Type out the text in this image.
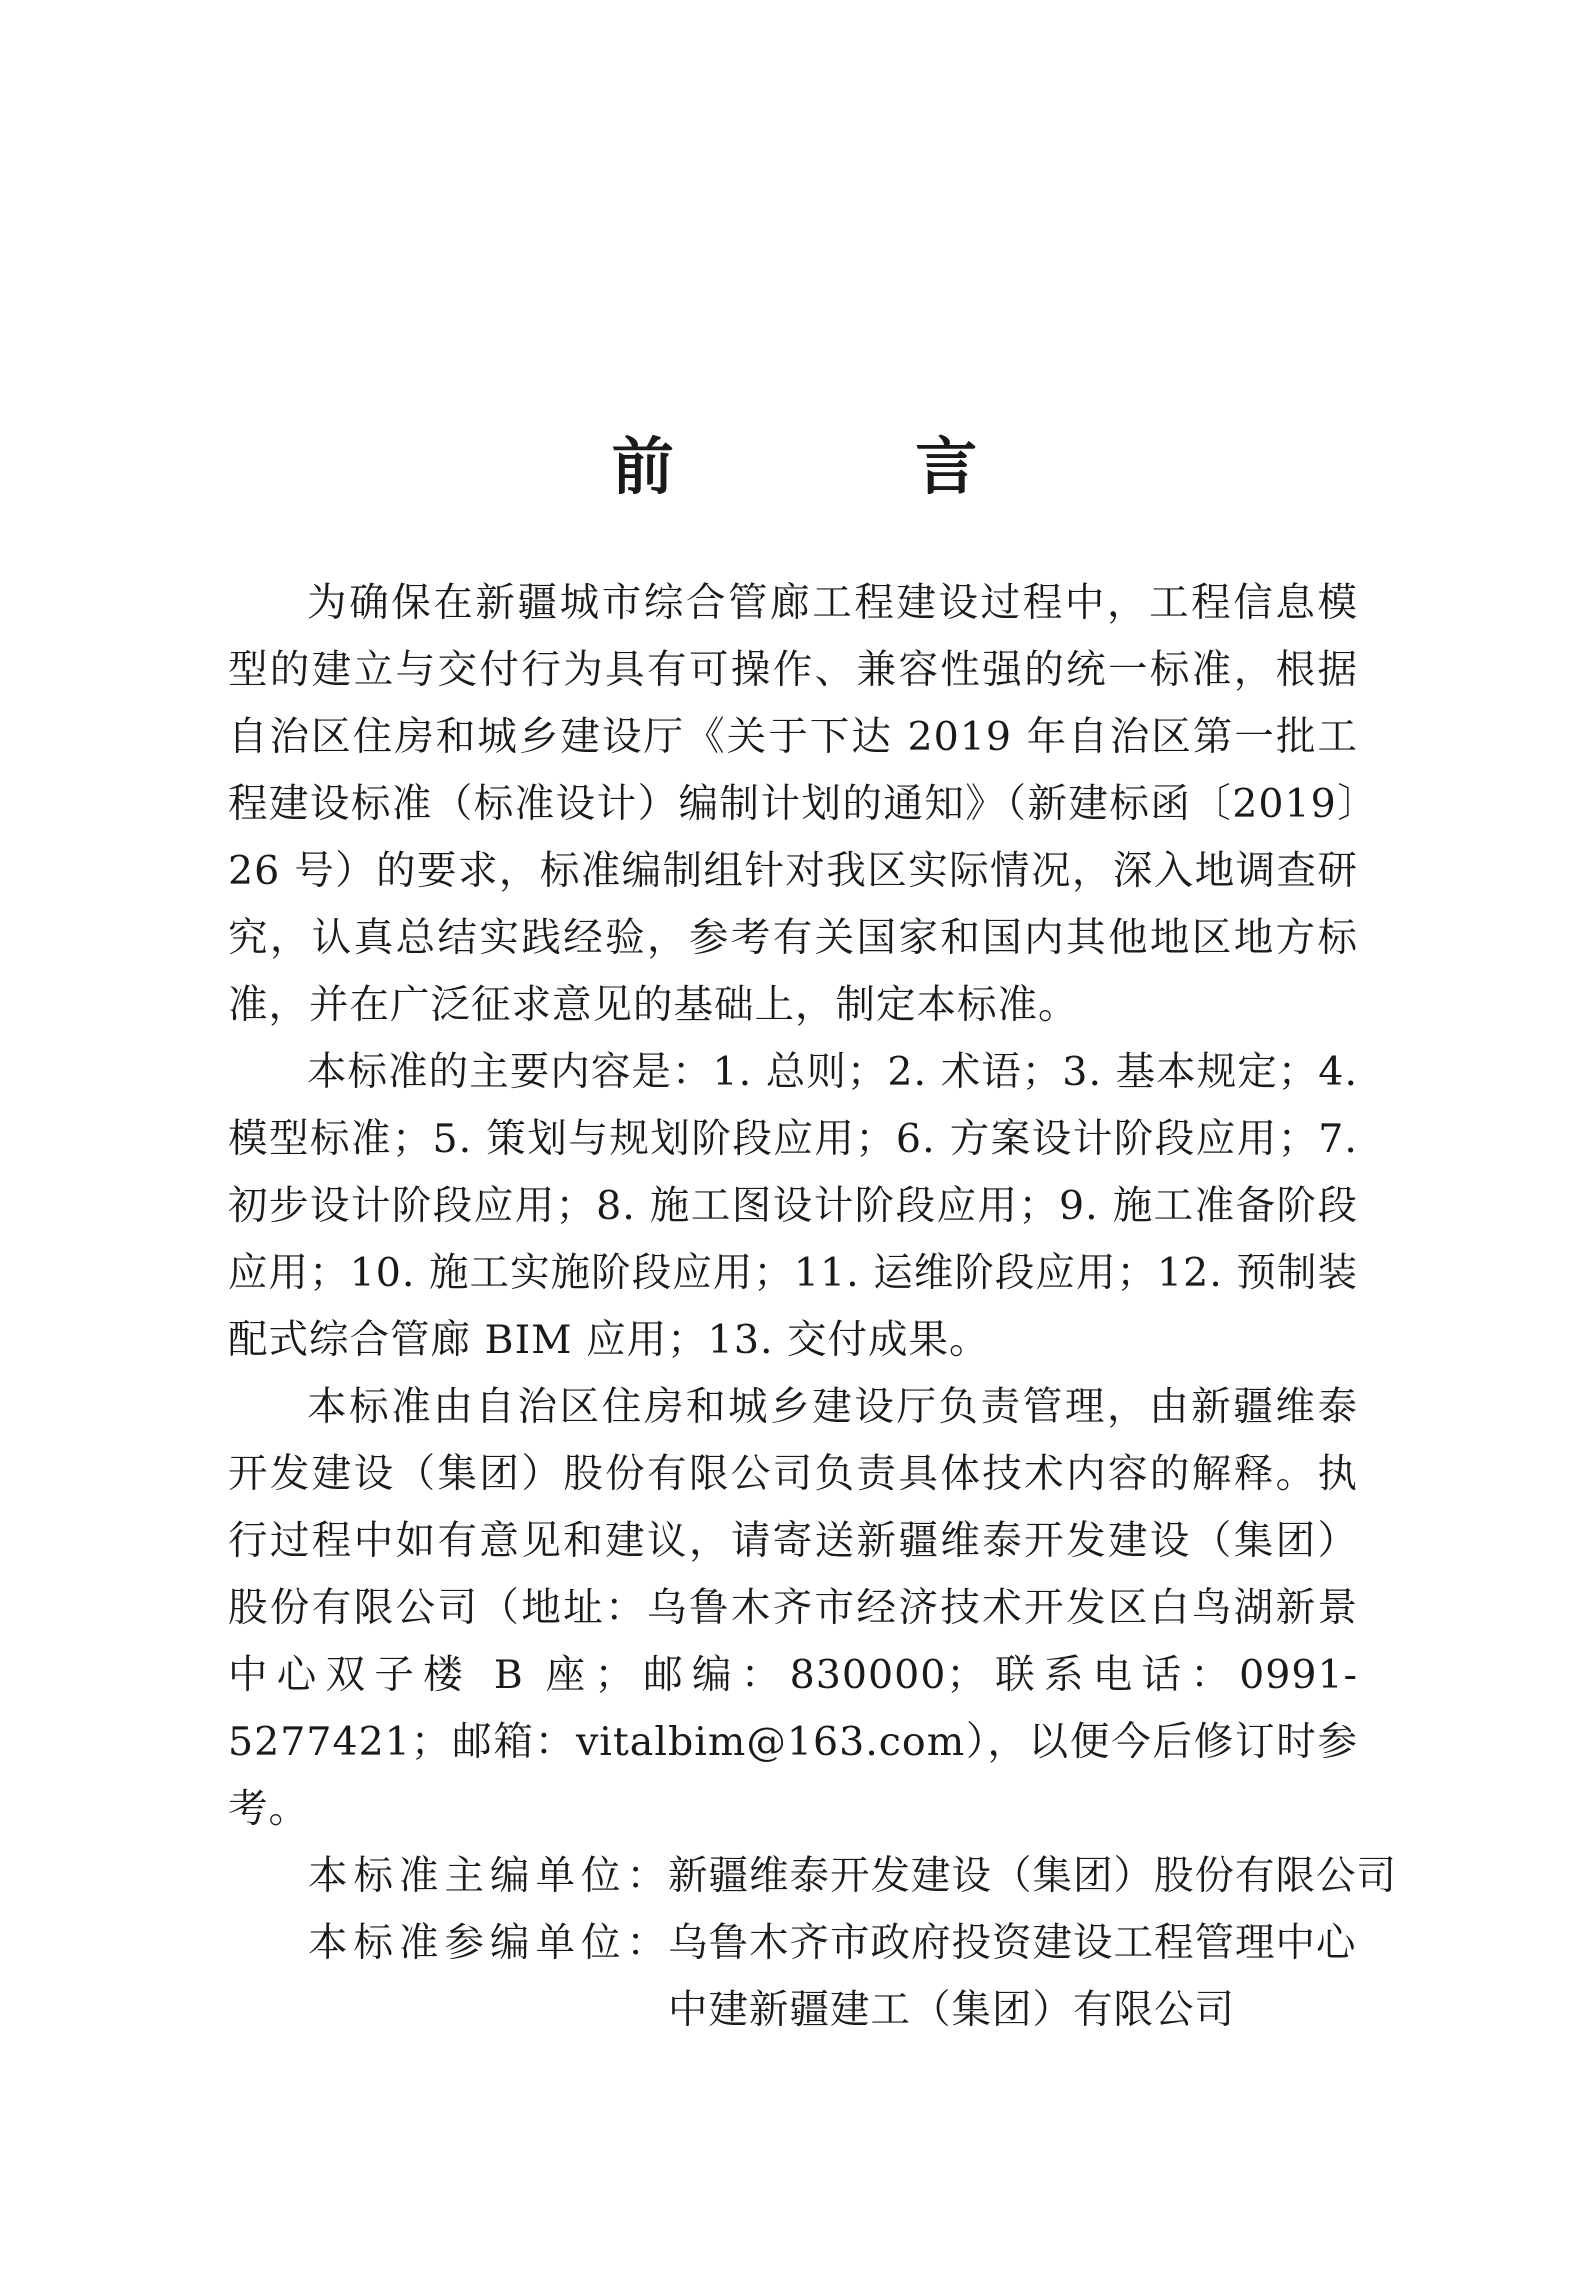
前 言

为确保在新疆城市综合管廊工程建设过程中，工程信息模型的建立与交付行为具有可操作、兼容性强的统一标准，根据自治区住房和城乡建设厅《关于下达 2019 年自治区第一批工程建设标准（标准设计）编制计划的通知》（新建标函〔2019〕26 号）的要求，标准编制组针对我区实际情况，深入地调查研究，认真总结实践经验，参考有关国家和国内其他地区地方标准，并在广泛征求意见的基础上，制定本标准。

本标准的主要内容是：1. 总则；2. 术语；3. 基本规定；4. 模型标准；5. 策划与规划阶段应用；6. 方案设计阶段应用；7. 初步设计阶段应用；8. 施工图设计阶段应用；9. 施工准备阶段应用；10. 施工实施阶段应用；11. 运维阶段应用；12. 预制装配式综合管廊 BIM 应用；13. 交付成果。

本标准由自治区住房和城乡建设厅负责管理，由新疆维泰开发建设（集团）股份有限公司负责具体技术内容的解释。执行过程中如有意见和建议，请寄送新疆维泰开发建设（集团）股份有限公司（地址：乌鲁木齐市经济技术开发区白鸟湖新景中心双子楼 B 座；邮编：830000；联系电话：0991-5277421；邮箱：vitalbim@163.com），以便今后修订时参考。

本标准主编单位：
新疆维泰开发建设（集团）股份有限公司
本标准参编单位：
乌鲁木齐市政府投资建设工程管理中心
中建新疆建工（集团）有限公司
